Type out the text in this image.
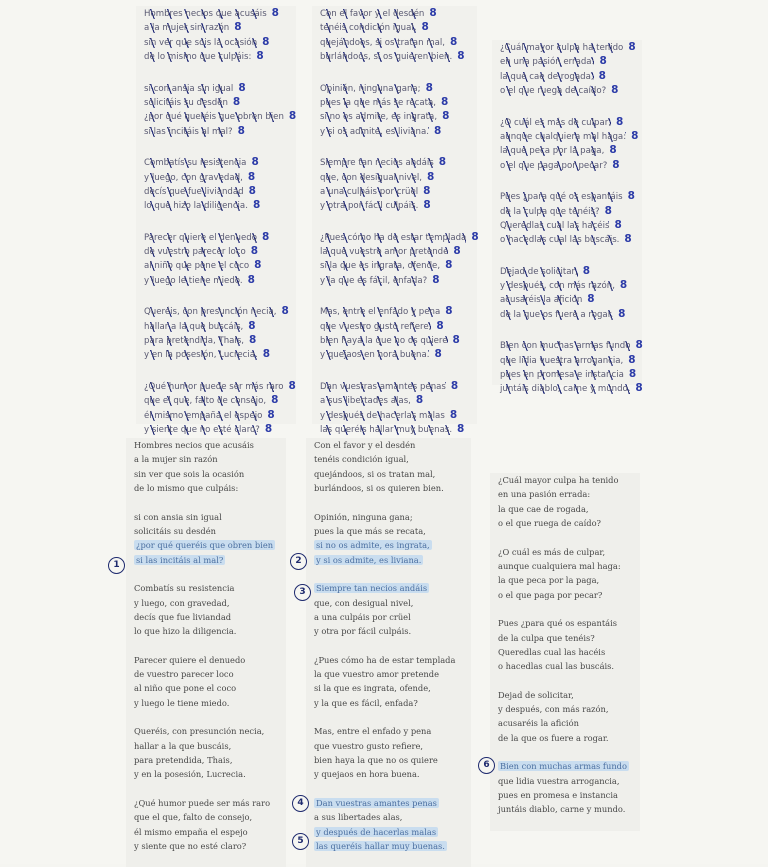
Hombres necios que acusáis 8
a la mujer sin razón 8
sin ver que sois la ocasión 8
de lo mismo que culpáis: 8
si con ansia sin igual 8
solicitáis su desdén 8
¿por qué queréis que obren bien 8
si las incitáis al mal? 8
Combatís su resistencia 8
y luego, con gravedad, 8
decís que fue liviandad 8
lo que hizo la diligencia. 8
Parecer quiere el denuedo 8
de vuestro parecer loco 8
al niño que pone el coco 8
y luego le tiene miedo. 8
Queréis, con presunción necia, 8
hallar a la que buscáis, 8
para pretendida, Thais, 8
y en la posesión, Lucrecia. 8
¿Qué humor puede ser más raro 8
que el que, falto de consejo, 8
él mismo empaña el espejo 8
y siente que no esté claro? 8
Con el favor y el desdén 8
tenéis condición igual, 8
quejándoos, si os tratan mal, 8
burlándoos, si os quieren bien. 8
Opinión, ninguna gana; 8
pues la que más se recata, 8
si no os admite, es ingrata, 8
y si os admite, es liviana. 8
Siempre tan necios andáis 8
que, con desigual nivel, 8
a una culpáis por crüel 8
y otra por fácil culpáis. 8
¿Pues cómo ha de estar templada 8
la que vuestro amor pretende 8
si la que es ingrata, ofende, 8
y la que es fácil, enfada? 8
Mas, entre el enfado y pena 8
que vuestro gusto refiere, 8
bien haya la que no os quiere 8
y quejaos en hora buena. 8
Dan vuestras amantes penas 8
a sus libertades alas, 8
y después de hacerlas malas 8
las queréis hallar muy buenas. 8
¿Cuál mayor culpa ha tenido 8
en una pasión errada: 8
la que cae de rogada, 8
o el que ruega de caído? 8
¿O cuál es más de culpar, 8
aunque cualquiera mal haga: 8
la que peca por la paga, 8
o el que paga por pecar? 8
Pues ¿para qué os espantáis 8
de la culpa que tenéis? 8
Queredlas cual las hacéis 8
o hacedlas cual las buscáis. 8
Dejad de solicitar, 8
y después, con más razón, 8
acusaréis la afición 8
de la que os fuere a rogar. 8
Bien con muchas armas fundo 8
que lidia vuestra arrogancia, 8
pues en promesa e instancia 8
juntáis diablo, carne y mundo. 8
Hombres necios que acusáis
a la mujer sin razón
sin ver que sois la ocasión
de lo mismo que culpáis:
si con ansia sin igual
solicitáis su desdén
¿por qué queréis que obren bien
si las incitáis al mal?
Combatís su resistencia
y luego, con gravedad,
decís que fue liviandad
lo que hizo la diligencia.
Parecer quiere el denuedo
de vuestro parecer loco
al niño que pone el coco
y luego le tiene miedo.
Queréis, con presunción necia,
hallar a la que buscáis,
para pretendida, Thais,
y en la posesión, Lucrecia.
¿Qué humor puede ser más raro
que el que, falto de consejo,
él mismo empaña el espejo
y siente que no esté claro?
Con el favor y el desdén
tenéis condición igual,
quejándoos, si os tratan mal,
burlándoos, si os quieren bien.
Opinión, ninguna gana;
pues la que más se recata,
si no os admite, es ingrata,
y si os admite, es liviana.
Siempre tan necios andáis
que, con desigual nivel,
a una culpáis por crüel
y otra por fácil culpáis.
¿Pues cómo ha de estar templada
la que vuestro amor pretende
si la que es ingrata, ofende,
y la que es fácil, enfada?
Mas, entre el enfado y pena
que vuestro gusto refiere,
bien haya la que no os quiere
y quejaos en hora buena.
Dan vuestras amantes penas
a sus libertades alas,
y después de hacerlas malas
las queréis hallar muy buenas.
¿Cuál mayor culpa ha tenido
en una pasión errada:
la que cae de rogada,
o el que ruega de caído?
¿O cuál es más de culpar,
aunque cualquiera mal haga:
la que peca por la paga,
o el que paga por pecar?
Pues ¿para qué os espantáis
de la culpa que tenéis?
Queredlas cual las hacéis
o hacedlas cual las buscáis.
Dejad de solicitar,
y después, con más razón,
acusaréis la afición
de la que os fuere a rogar.
Bien con muchas armas fundo
que lidia vuestra arrogancia,
pues en promesa e instancia
juntáis diablo, carne y mundo.
1	2
3
4
5
6
